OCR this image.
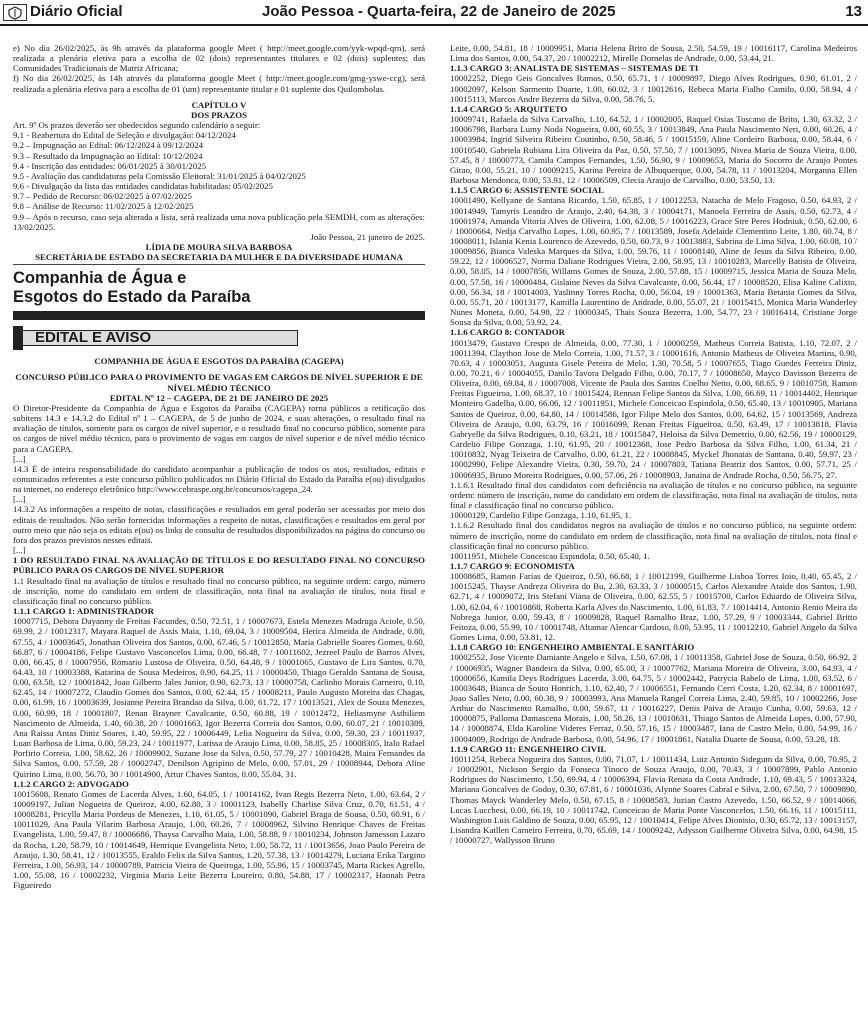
Diário Oficial	João Pessoa - Quarta-feira, 22 de Janeiro de 2025	13

e) No dia 26/02/2025, às 9h através da plataforma google Meet ( http://meet.google.com/yyk-wpqd-qrn), será realizada a plenária eletiva para a escolha de 02 (dois) representantes titulares e 02 (dois) suplentes; das Comunidades Tradicionais de Matriz Africana;

f) No dia 26/02/2025, às 14h através da plataforma google Meet ( http://meet.google.com/gmg-yswe-ccg), será realizada a plenária eletiva para a escolha de 01 (um) representante titular e 01 suplente dos Quilombolas.

CAPÍTULO V

DOS PRAZOS

Art. 9º Os prazos deverão ser obedecidos segundo calendário a seguir:

9.1 - Reabertura do Edital de Seleção e divulgação: 04/12/2024

9.2 – Impugnação ao Edital: 06/12/2024 à 09/12/2024

9.3 – Resultado da Impugnação ao Edital: 10/12/2024

9.4 - Inscrição das entidades: 06/01/2025 à 30/01/2025

9.5 - Avaliação das candidaturas pela Comissão Eleitoral: 31/01/2025 à 04/02/2025

9.6 - Divulgação da lista das entidades candidatas habilitadas: 05/02/2025

9.7 – Pedido de Recurso: 06/02/2025 à 07/02/2025

9.8 – Análise de Recurso: 11/02/2025 à 12/02/2025

9.9 – Após o recurso, caso seja alterada a lista, será realizada uma nova publicação pela SEMDH, com as alterações: 13/02/2025.

João Pessoa, 21 janeiro de 2025.

LÍDIA DE MOURA SILVA BARBOSA

SECRETÁRIA DE ESTADO DA SECRETARIA DA MULHER E DA DIVERSIDADE HUMANA

Companhia de Água e
Esgotos do Estado da Paraíba
EDITAL E AVISO

COMPANHIA DE ÁGUA E ESGOTOS DA PARAÍBA (CAGEPA)

CONCURSO PÚBLICO PARA O PROVIMENTO DE VAGAS EM CARGOS DE NÍVEL SUPERIOR E DE NÍVEL MÉDIO TÉCNICO

EDITAL Nº 12 – CAGEPA, DE 21 DE JANEIRO DE 2025

O Diretor-Presidente da Companhia de Água e Esgotos da Paraíba (CAGEPA) torna públicos a retificação dos subitens 14.3 e 14.3.2 do Edital nº 1 – CAGEPA, de 5 de junho de 2024, e suas alterações, o resultado final na avaliação de títulos, somente para os cargos de nível superior, e o resultado final no concurso público, somente para os cargos de nível médio técnico, para o provimento de vagas em cargos de nível superior e de nível médio técnico para a CAGEPA.

[...]

14.3 É de inteira responsabilidade do candidato acompanhar a publicação de todos os atos, resultados, editais e comunicados referentes a este concurso público publicados no Diário Oficial do Estado da Paraíba e(ou) divulgados na internet, no endereço eletrônico http://www.cebraspe.org.br/concursos/cagepa_24.

[...]

14.3.2 As informações a respeito de notas, classificações e resultados em geral poderão ser acessadas por meio dos editais de resultados. Não serão fornecidas informações a respeito de notas, classificações e resultados em geral por outro meio que não seja os editais e(ou) os links de consulta de resultados disponibilizados na página do concurso ou fora dos prazos previstos nesses editais.

[...]

1 DO RESULTADO FINAL NA AVALIAÇÃO DE TÍTULOS E DO RESULTADO FINAL NO CONCURSO PÚBLICO PARA OS CARGOS DE NÍVEL SUPERIOR

1.1 Resultado final na avaliação de títulos e resultado final no concurso público, na seguinte ordem: cargo, número de inscrição, nome do candidato em ordem de classificação, nota final na avaliação de títulos, nota final e classificação final no concurso público.

1.1.1 CARGO 1: ADMINISTRADOR

10007715, Debora Dayanny de Freitas Facundes, 0.50, 72.51, 1 / 10007673, Estela Menezes Madruga Aciole, 0.50, 69.99, 2 / 10012317, Mayara Raquel de Assis Maia, 1.10, 69.04, 3 / 10009504, Herica Almeida de Andrade, 0.80, 67.55, 4 / 10003645, Jonathan Oliveira dos Santos, 0.00, 67.46, 5 / 10012850, Maria Gabrielle Soares Gomes, 0.60, 66.87, 6 / 10004186, Felipe Gustavo Vasconcelos Lima, 0.00, 66.48, 7 / 10011602, Jezreel Paulo de Barros Alves, 0.00, 66.45, 8 / 10007956, Romario Lustosa de Oliveira, 0.50, 64.48, 9 / 10001065, Gustavo de Lira Santos, 0.70, 64.43, 10 / 10003388, Katarina de Sousa Medeiros, 0.90, 64.25, 11 / 10000450, Thiago Geraldo Santana de Sousa, 0.00, 63.58, 12 / 10001842, Joao Gilberto Jales Junior, 0.90, 62.73, 13 / 10000758, Carlinho Morais Carneiro, 0.10, 62.45, 14 / 10007272, Claudio Gomes dos Santos, 0.00, 62.44, 15 / 10008211, Paulo Augusto Moreira das Chagas, 0.00, 61.99, 16 / 10003639, Josianne Pereira Brandao da Silva, 0.00, 61.72, 17 / 10013521, Alex de Souza Menezes, 0.00, 60.99, 18 / 10001807, Renan Brayner Cavalcante, 0.50, 60.88, 19 / 10012472, Heliasmyne Asthiliem Nascimento de Almeida, 1.40, 60.38, 20 / 10001663, Igor Bezerra Correia dos Santos, 0.00, 60.07, 21 / 10010389, Ana Raissa Antas Diniz Soares, 1.40, 59.95, 22 / 10006449, Lelia Nogueira da Silva, 0.00, 59.30, 23 / 10011937, Luan Barbosa de Lima, 0.00, 59.23, 24 / 10011977, Larissa de Araujo Lima, 0.00, 58.85, 25 / 10008305, Italo Rafael Porfirio Correia, 1.00, 58.62, 26 / 10009902, Suzane Jose da Silva, 0.50, 57.79, 27 / 10010428, Maira Fernandes da Silva Santos, 0.00, 57.59, 28 / 10002747, Denilson Agripino de Melo, 0.00, 57.01, 29 / 10008944, Debora Aline Quirino Lima, 0.00, 56.70, 30 / 10014900, Artur Chaves Santos, 0.00, 55.04, 31.

1.1.2 CARGO 2: ADVOGADO

10015608, Renato Gomes de Lacerda Alves, 1.60, 64.05, 1 / 10014162, Ivan Regis Bezerra Neto, 1.00, 63.64, 2 / 10009197, Julian Nogueira de Queiroz, 4.00, 62.80, 3 / 10001123, Isabelly Charlise Silva Cruz, 0.70, 61.51, 4 / 10008281, Pricylla Maria Pordeus de Menezes, 1.10, 61.05, 5 / 10001090, Gabriel Braga de Sousa, 0.50, 60.91, 6 / 10011029, Ana Paula Vilarim Barbosa Araujo, 1.00, 60.26, 7 / 10008962, Silvino Henrique Chaves de Freitas Evangelista, 1.00, 59.47, 8 / 10006686, Thaysa Carvalho Maia, 1.00, 58.88, 9 / 10010234, Johnson Jamesson Lazaro da Rocha, 1.20, 58.79, 10 / 10014649, Henrique Evangelista Neto, 1.00, 58.72, 11 / 10013656, Joao Paulo Pereira de Araujo, 1.30, 58.41, 12 / 10013555, Eraldo Felix da Silva Santos, 1.20, 57.38, 13 / 10014279, Luciana Erika Targino Ferreira, 1.00, 56.93, 14 / 10000789, Patricia Vieira de Queiroga, 1.00, 55.96, 15 / 10003745, Marta Rickes Agrello, 1.00, 55.08, 16 / 10002232, Virginia Maria Leite Bezerra Loureiro, 0.80, 54.88, 17 / 10002317, Hannah Petra Figueiredo

Leite, 0.00, 54.81, 18 / 10009951, Maria Helena Brito de Sousa, 2.50, 54.59, 19 / 10016117, Carolina Medeiros Lima dos Santos, 0.00, 54.37, 20 / 10002212, Mirelle Dornelas de Andrade, 0.00, 53.44, 21.

1.1.3 CARGO 3: ANALISTA DE SISTEMAS – SISTEMAS DE TI

10002252, Diego Geis Goncalves Ramos, 0.50, 65.71, 1 / 10009897, Diego Alves Rodrigues, 0.90, 61.01, 2 / 10002097, Kelson Sarmento Duarte, 1.00, 60.02, 3 / 10012616, Rebeca Maria Fialho Camilo, 0.00, 58.94, 4 / 10015113, Marcos Andre Bezerra da Silva, 0.00, 58.76, 5.

1.1.4 CARGO 5: ARQUITETO

10009741, Rafaela da Silva Carvalho, 1.10, 64.52, 1 / 10002005, Raquel Osias Toscano de Brito, 1.30, 63.32, 2 / 10006798, Barbara Lumy Noda Nogueira, 0.00, 60.55, 3 / 10013849, Ana Paula Nascimento Neri, 0.00, 60.26, 4 / 10003984, Ingrid Silveira Ribeiro Coutinho, 0.50, 58.46, 5 / 10015159, Aline Cordeiro Barbosa, 0.00, 58.44, 6 / 10010540, Gabriela Rubiana Lira Oliveira da Paz, 0.50, 57.50, 7 / 10013095, Nivea Maria de Souza Vieira, 0.00, 57.45, 8 / 10000773, Camila Campos Fernandes, 1.50, 56.90, 9 / 10009653, Maria do Socorro de Araujo Pontes Girao, 0.00, 55.21, 10 / 10009215, Karina Pereira de Albuquerque, 0.00, 54.78, 11 / 10013204, Morganna Ellen Barbosa Mendonca, 0.00, 53.91, 12 / 10006509, Clecia Araujo de Carvalho, 0.00, 53.50, 13.

1.1.5 CARGO 6: ASSISTENTE SOCIAL

10001490, Kellyane de Santana Ricardo, 1.50, 65.85, 1 / 10012253, Natacha de Melo Fragoso, 0.50, 64.93, 2 / 10014949, Tamyris Leandro de Araujo, 2.40, 64.38, 3 / 10004171, Manoela Ferreira de Assis, 0.50, 62.73, 4 / 10001974, Amanda Vitoria Alves de Oliveira, 1.00, 62.08, 5 / 10016223, Grace Stre Peres Hodniuk, 0.50, 62.00, 6 / 10000664, Nedja Carvalho Lopes, 1.00, 60.95, 7 / 10013589, Josefa Adelaide Clementino Leite, 1.80, 60.74, 8 / 10008011, Islania Kenia Lourenco de Azevedo, 0.50, 60.73, 9 / 10013883, Sabrina de Lima Silva, 1.00, 60.08, 10 / 10009856, Bianca Valeska Marques da Silva, 1.00, 59.76, 11 / 10008140, Aline de Jesus da Silva Ribeiro, 0.00, 59.22, 12 / 10006527, Norma Daliane Rodrigues Vieira, 2.00, 58.95, 13 / 10010283, Marcelly Batista de Oliveira, 0.00, 58.05, 14 / 10007856, Willams Gomes de Souza, 2.00, 57.88, 15 / 10009715, Jessica Maria de Souza Melo, 0.00, 57.58, 16 / 10000484, Gislaine Neves da Silva Cavalcante, 0.00, 56.44, 17 / 10008520, Elisa Kaline Calixto, 0.00, 56.34, 18 / 10014003, Yaslinny Torres Rocha, 0.00, 56.04, 19 / 10001363, Maria Betania Gomes da Silva, 0.00, 55.71, 20 / 10013177, Kamilla Laurentino de Andrade, 0.00, 55.07, 21 / 10015415, Monica Maria Wanderley Nunes Moneta, 0.00, 54.98, 22 / 10000345, Thais Souza Bezerra, 1.00, 54.77, 23 / 10016414, Cristiane Jorge Sousa da Silva, 0.00, 53.92, 24.

1.1.6 CARGO 8: CONTADOR

10013479, Gustavo Crespo de Almeida, 0.00, 77.30, 1 / 10000259, Matheus Correia Batista, 1.10, 72.07, 2 / 10011394, Claython Jose de Melo Correia, 1.00, 71.57, 3 / 10001616, Antonio Matheus de Oliveira Martins, 0.90, 70.63, 4 / 10003051, Augusta Gisele Pereira de Melo, 1.30, 70.58, 5 / 10007655, Tiago Guedes Ferreira Diniz, 0.00, 70.21, 6 / 10004055, Danilo Tavora Delgado Filho, 0.00, 70.17, 7 / 10008650, Mayco Davisson Bezerra de Oliveira, 0.00, 69.84, 8 / 10007008, Vicente de Paula dos Santos Coelho Netto, 0.00, 68.65, 9 / 10010758, Ramon Freitas Figueiroa, 1.00, 68.37, 10 / 10015424, Rennan Felipe Santos da Silva, 1.00, 66.69, 11 / 10014402, Henrique Monteiro Gadelha, 0.00, 66.06, 12 / 10011951, Michele Conceicao Espindola, 0.50, 65.40, 13 / 10010905, Mariana Santos de Queiroz, 0.00, 64.80, 14 / 10014586, Igor Filipe Melo dos Santos, 0.00, 64.62, 15 / 10013569, Andreza Oliveira de Araujo, 0.00, 63.79, 16 / 10016099, Renan Freitas Figueiroa, 0.50, 63.49, 17 / 10013818, Flavia Gabryelle da Silva Rodrigues, 0.10, 63.21, 18 / 10015847, Heloisa da Silva Demetrio, 0.00, 62.56, 19 / 10000129, Cardelio Filipe Gonzaga, 1.10, 61.95, 20 / 10012368, Jose Pedro Barbosa da Silva Filho, 1.00, 61.34, 21 / 10010832, Nyag Teixeira de Carvalho, 0.00, 61.21, 22 / 10008845, Myckel Jhonatas de Santana, 0.40, 59.97, 23 / 10002990, Felipe Alexandre Vieira, 0.30, 59.70, 24 / 10007803, Tatiana Beatriz dos Santos, 0.00, 57.71, 25 / 10006935, Bruno Moreira Rodrigues, 0.00, 57.06, 26 / 10008903, Janaina de Andrade Rocha, 0.50, 56.75, 27.

1.1.6.1 Resultado final dos candidatos com deficiência na avaliação de títulos e no concurso público, na seguinte ordem: número de inscrição, nome do candidato em ordem de classificação, nota final na avaliação de títulos, nota final e classificação final no concurso público.

10000129, Cardelio Filipe Gonzaga, 1.10, 61.95, 1.

1.1.6.2 Resultado final dos candidatos negros na avaliação de títulos e no concurso público, na seguinte ordem: número de inscrição, nome do candidato em ordem de classificação, nota final na avaliação de títulos, nota final e classificação final no concurso público.

10011951, Michele Conceicao Espindola, 0.50, 65.40, 1.

1.1.7 CARGO 9: ECONOMISTA

10008685, Ramon Farias de Queiroz, 0.50, 66.68, 1 / 10012199, Guilherme Lisboa Torres Ioio, 0.40, 65.45, 2 / 10015245, Thayse Andreza Oliveira do Bu, 2.30, 63.33, 3 / 10000515, Carlos Alexandre Ataide dos Santos, 1.90, 62.71, 4 / 10009072, Iris Stefani Viana de Oliveira, 0.00, 62.55, 5 / 10015700, Carlos Eduardo de Oliveira Silva, 1.00, 62.04, 6 / 10010868, Roberta Karla Alves do Nascimento, 1.00, 61.83, 7 / 10014414, Antonio Renio Meira da Nobrega Junior, 0.00, 59.43, 8 / 10009828, Raquel Ramalho Braz, 1.00, 57.29, 9 / 10003344, Gabriel Britto Feitoza, 0.00, 55.99, 10 / 10001748, Altamar Alencar Cardoso, 0.00, 53.95, 11 / 10012210, Gabriel Angelo da Silva Gomes Lima, 0.00, 53.81, 12.

1.1.8 CARGO 10: ENGENHEIRO AMBIENTAL E SANITÁRIO

10002552, Jose Vicente Damiante Angelo e Silva, 1.50, 67.08, 1 / 10011358, Gabriel Jose de Souza, 0.50, 66.92, 2 / 10006935, Wagner Bandeira da Silva, 0.00, 65.00, 3 / 10007762, Mariana Moreira de Oliveira, 3.00, 64.93, 4 / 10000656, Kamila Deys Rodrigues Lacerda, 3.00, 64.75, 5 / 10002442, Patrycia Rabelo de Lima, 1.00, 63.52, 6 / 10003648, Bianca de Souto Honrich, 1.10, 62.40, 7 / 10006551, Fernando Cerri Costa, 1.20, 62.34, 8 / 10001697, Joao Salles Neto, 0.00, 60.38, 9 / 10003993, Ana Manuela Rangel Correia Lima, 2.40, 59.85, 10 / 10002266, Jose Arthur do Nascimento Ramalho, 0.00, 59.67, 11 / 10016227, Denis Paiva de Araujo Cunha, 0.00, 59.63, 12 / 10000875, Palloma Damascena Morais, 1.00, 58.26, 13 / 10010631, Thiago Santos de Almeida Lopes, 0.00, 57.90, 14 / 10008874, Elda Karoline Videres Ferraz, 0.50, 57.16, 15 / 10003487, Iana de Castro Melo, 0.00, 54.99, 16 / 10004009, Rodrigo de Andrade Barbosa, 0.00, 54.96, 17 / 10001861, Natalia Duarte de Sousa, 0.00, 53.28, 18.

1.1.9 CARGO 11: ENGENHEIRO CIVIL

10011254, Rebeca Nogueira dos Santos, 0.00, 71.07, 1 / 10011434, Luiz Antonio Sidegum da Silva, 0.00, 70.95, 2 / 10002901, Nickson Sergio da Fonseca Tinoco de Souza Araujo, 0.00, 70.43, 3 / 10007899, Pablo Antonio Rodrigues do Nascimento, 1.50, 69.94, 4 / 10006394, Flavia Renata da Costa Andrade, 1.10, 69.43, 5 / 10013324, Mariana Goncalves de Godoy, 0.30, 67.81, 6 / 10001036, Alynne Soares Cabral e Silva, 2.00, 67.50, 7 / 10009890, Thomas Mayck Wanderley Melo, 0.50, 67.15, 8 / 10008583, Juzian Castro Azevedo, 1.50, 66.52, 9 / 10014066, Lucas Lucchesi, 0.00, 66.19, 10 / 10011742, Conceicao de Maria Ponte Vasconcelos, 1.50, 66.16, 11 / 10015111, Washington Luis Galdino de Souza, 0.00, 65.95, 12 / 10010414, Felipe Alves Dionisio, 0.30, 65.72, 13 / 10013157, Lisandra Katllen Carneiro Ferreira, 0.70, 65.69, 14 / 10009242, Adysson Guilherme Oliveira Silva, 0.00, 64.98, 15 / 10000727, Wallysson Bruno
